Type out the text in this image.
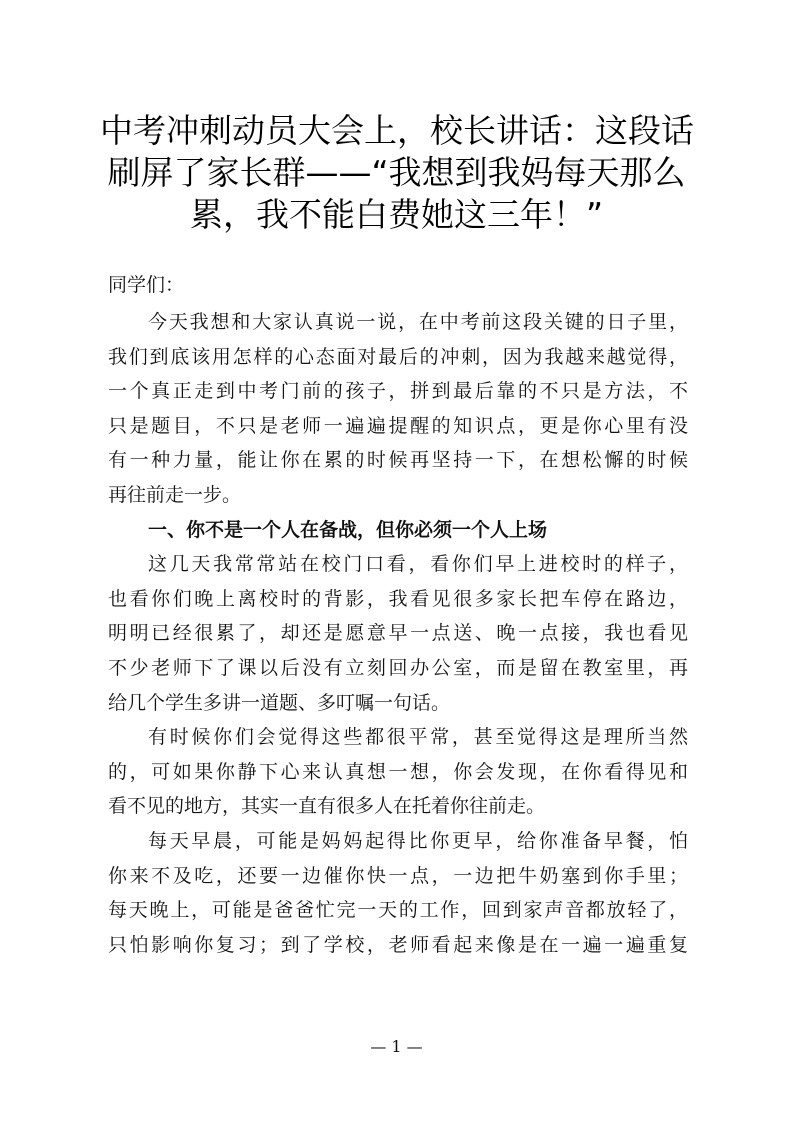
中考冲刺动员大会上，校长讲话：这段话
刷屏了家长群——“我想到我妈每天那么
累，我不能白费她这三年！”

同学们：

今天我想和大家认真说一说，在中考前这段关键的日子里，
我们到底该用怎样的心态面对最后的冲刺，因为我越来越觉得，
一个真正走到中考门前的孩子，拼到最后靠的不只是方法，不
只是题目，不只是老师一遍遍提醒的知识点，更是你心里有没
有一种力量，能让你在累的时候再坚持一下，在想松懈的时候
再往前走一步。
一、你不是一个人在备战，但你必须一个人上场
这几天我常常站在校门口看，看你们早上进校时的样子，
也看你们晚上离校时的背影，我看见很多家长把车停在路边，
明明已经很累了，却还是愿意早一点送、晚一点接，我也看见
不少老师下了课以后没有立刻回办公室，而是留在教室里，再
给几个学生多讲一道题、多叮嘱一句话。
有时候你们会觉得这些都很平常，甚至觉得这是理所当然
的，可如果你静下心来认真想一想，你会发现，在你看得见和
看不见的地方，其实一直有很多人在托着你往前走。
每天早晨，可能是妈妈起得比你更早，给你准备早餐，怕
你来不及吃，还要一边催你快一点，一边把牛奶塞到你手里；
每天晚上，可能是爸爸忙完一天的工作，回到家声音都放轻了，
只怕影响你复习；到了学校，老师看起来像是在一遍一遍重复
— 1 —
